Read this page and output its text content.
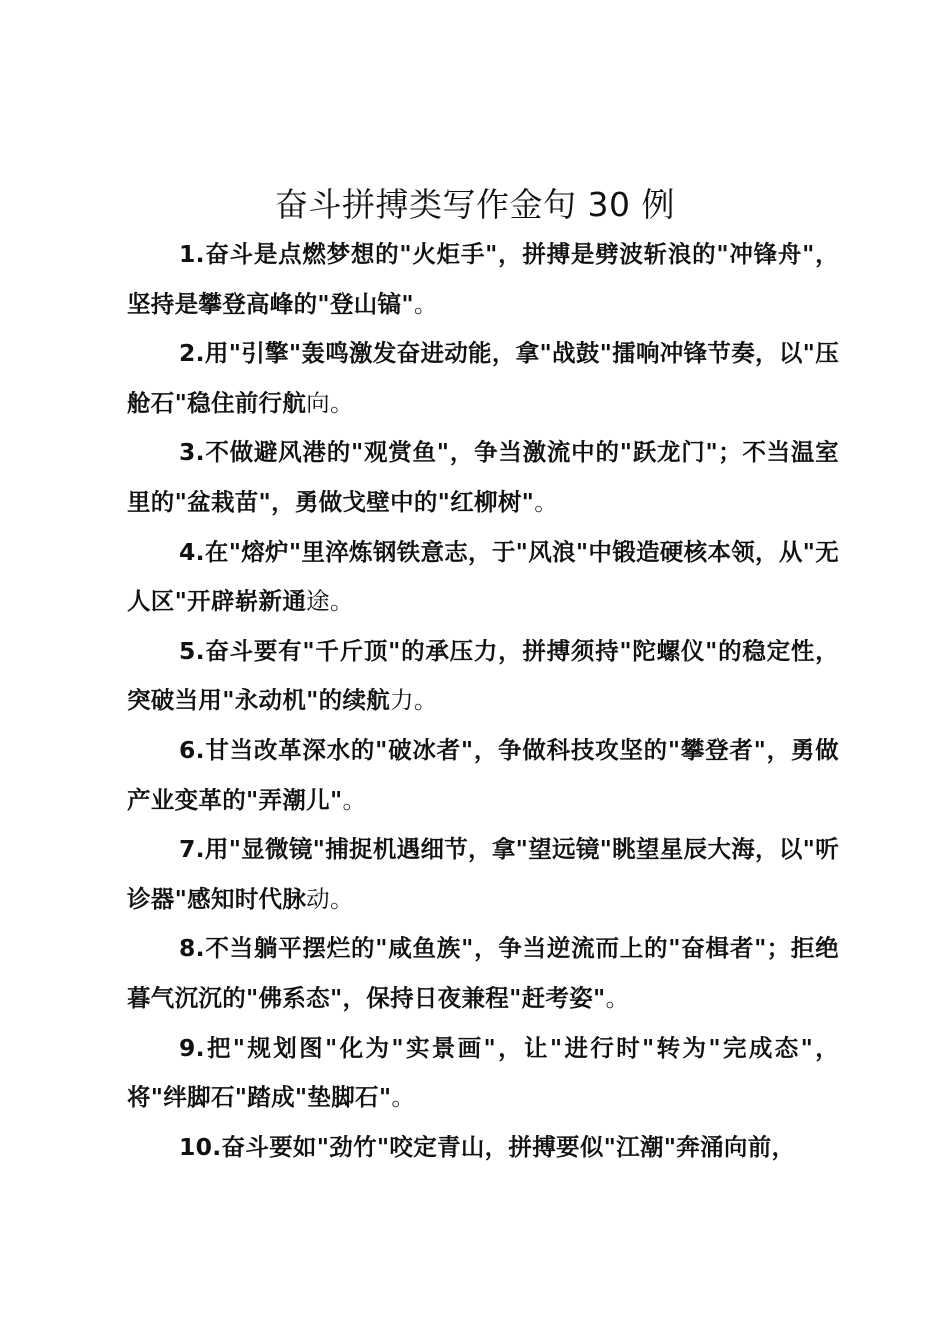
奋斗拼搏类写作金句 30 例

1.奋斗是点燃梦想的"火炬手"，拼搏是劈波斩浪的"冲锋舟"，坚持是攀登高峰的"登山镐"。

2.用"引擎"轰鸣激发奋进动能，拿"战鼓"擂响冲锋节奏，以"压舱石"稳住前行航向。

3.不做避风港的"观赏鱼"，争当激流中的"跃龙门"；不当温室里的"盆栽苗"，勇做戈壁中的"红柳树"。

4.在"熔炉"里淬炼钢铁意志，于"风浪"中锻造硬核本领，从"无人区"开辟崭新通途。

5.奋斗要有"千斤顶"的承压力，拼搏须持"陀螺仪"的稳定性，突破当用"永动机"的续航力。

6.甘当改革深水的"破冰者"，争做科技攻坚的"攀登者"，勇做产业变革的"弄潮儿"。

7.用"显微镜"捕捉机遇细节，拿"望远镜"眺望星辰大海，以"听诊器"感知时代脉动。

8.不当躺平摆烂的"咸鱼族"，争当逆流而上的"奋楫者"；拒绝暮气沉沉的"佛系态"，保持日夜兼程"赶考姿"。

9.把"规划图"化为"实景画"，让"进行时"转为"完成态"，将"绊脚石"踏成"垫脚石"。

10.奋斗要如"劲竹"咬定青山，拼搏要似"江潮"奔涌向前，
